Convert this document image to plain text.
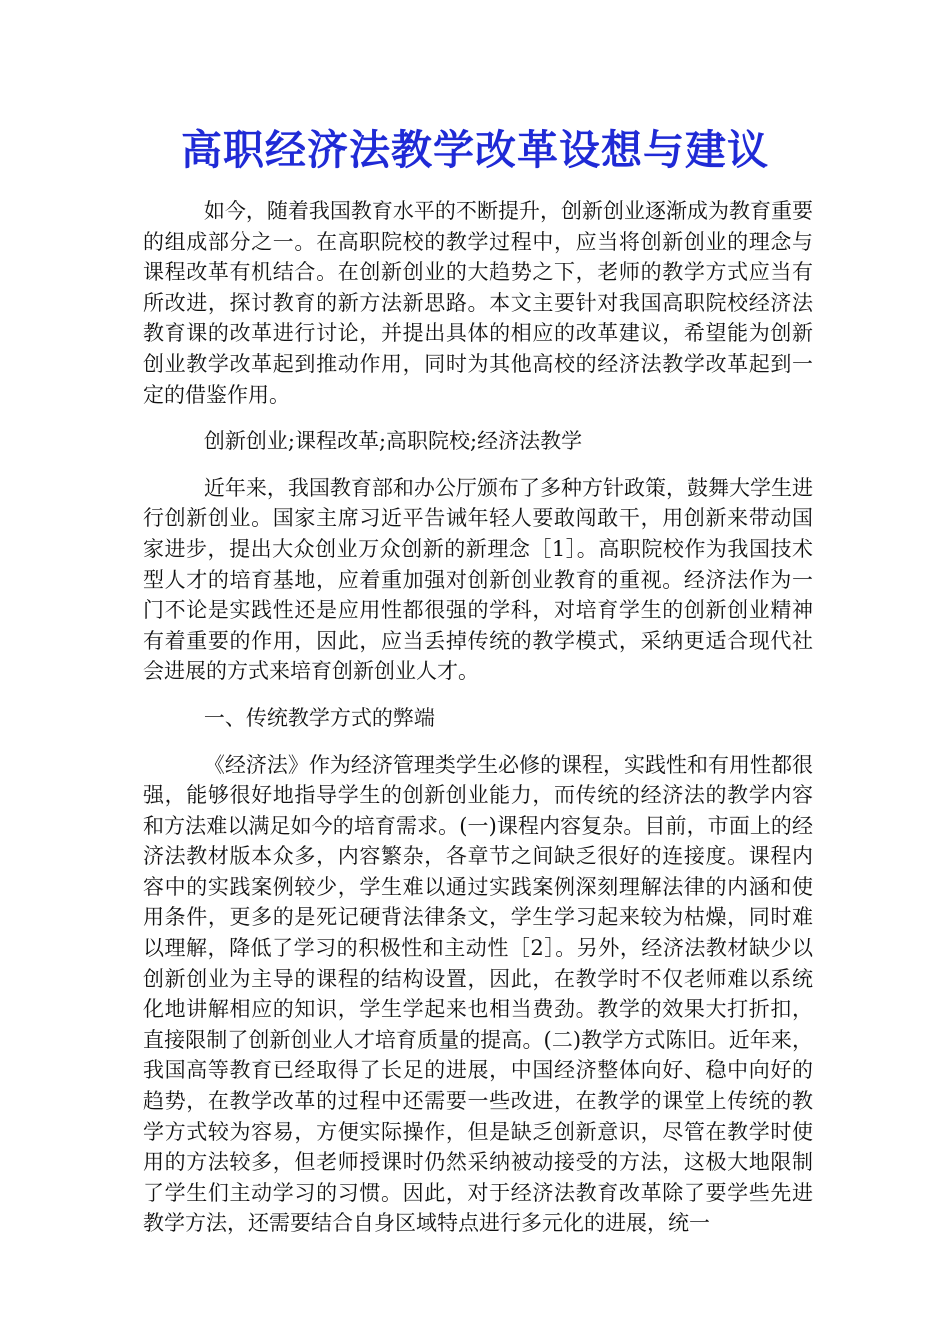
高职经济法教学改革设想与建议

如今，随着我国教育水平的不断提升，创新创业逐渐成为教育重要的组成部分之一。在高职院校的教学过程中，应当将创新创业的理念与课程改革有机结合。在创新创业的大趋势之下，老师的教学方式应当有所改进，探讨教育的新方法新思路。本文主要针对我国高职院校经济法教育课的改革进行讨论，并提出具体的相应的改革建议，希望能为创新创业教学改革起到推动作用，同时为其他高校的经济法教学改革起到一定的借鉴作用。

创新创业;课程改革;高职院校;经济法教学

近年来，我国教育部和办公厅颁布了多种方针政策，鼓舞大学生进行创新创业。国家主席习近平告诫年轻人要敢闯敢干，用创新来带动国家进步，提出大众创业万众创新的新理念［1］。高职院校作为我国技术型人才的培育基地，应着重加强对创新创业教育的重视。经济法作为一门不论是实践性还是应用性都很强的学科，对培育学生的创新创业精神有着重要的作用，因此，应当丢掉传统的教学模式，采纳更适合现代社会进展的方式来培育创新创业人才。

一、传统教学方式的弊端

《经济法》作为经济管理类学生必修的课程，实践性和有用性都很强，能够很好地指导学生的创新创业能力，而传统的经济法的教学内容和方法难以满足如今的培育需求。(一)课程内容复杂。目前，市面上的经济法教材版本众多，内容繁杂，各章节之间缺乏很好的连接度。课程内容中的实践案例较少，学生难以通过实践案例深刻理解法律的内涵和使用条件，更多的是死记硬背法律条文，学生学习起来较为枯燥，同时难以理解，降低了学习的积极性和主动性［2］。另外，经济法教材缺少以创新创业为主导的课程的结构设置，因此，在教学时不仅老师难以系统化地讲解相应的知识，学生学起来也相当费劲。教学的效果大打折扣，直接限制了创新创业人才培育质量的提高。(二)教学方式陈旧。近年来，我国高等教育已经取得了长足的进展，中国经济整体向好、稳中向好的趋势，在教学改革的过程中还需要一些改进，在教学的课堂上传统的教学方式较为容易，方便实际操作，但是缺乏创新意识，尽管在教学时使用的方法较多，但老师授课时仍然采纳被动接受的方法，这极大地限制了学生们主动学习的习惯。因此，对于经济法教育改革除了要学些先进教学方法，还需要结合自身区域特点进行多元化的进展，统一
